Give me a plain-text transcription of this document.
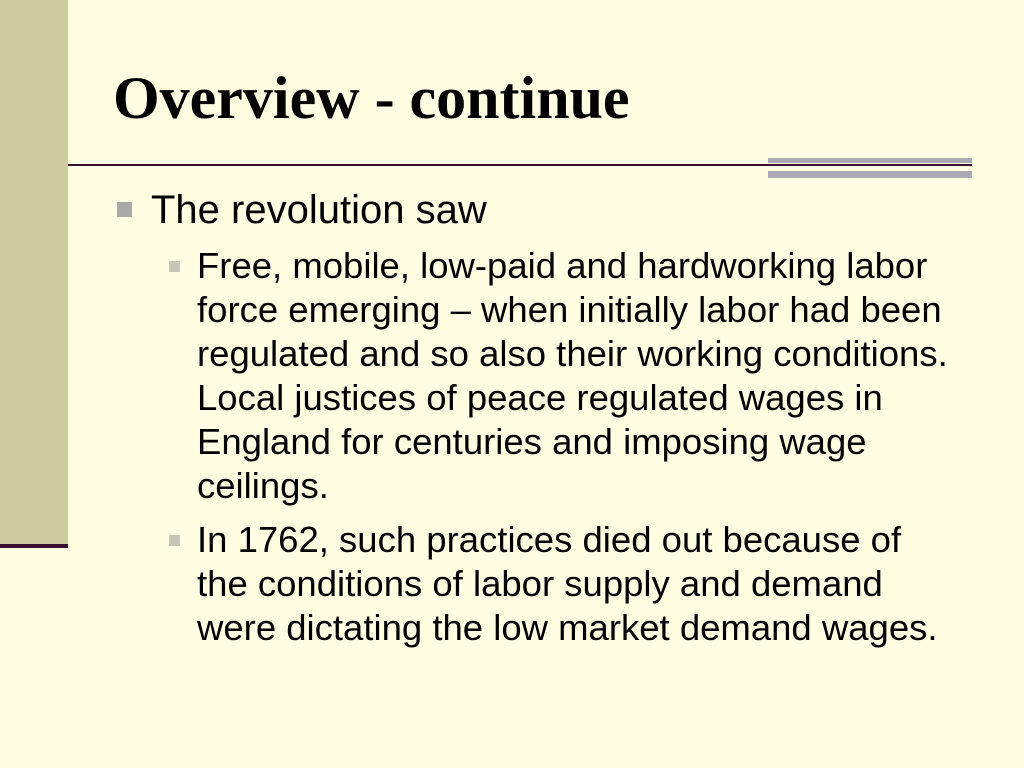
Overview - continue
The revolution saw
Free, mobile, low-paid and hardworking labor
force emerging – when initially labor had been
regulated and so also their working conditions.
Local justices of peace regulated wages in
England for centuries and imposing wage
ceilings.
In 1762, such practices died out because of
the conditions of labor supply and demand
were dictating the low market demand wages.
